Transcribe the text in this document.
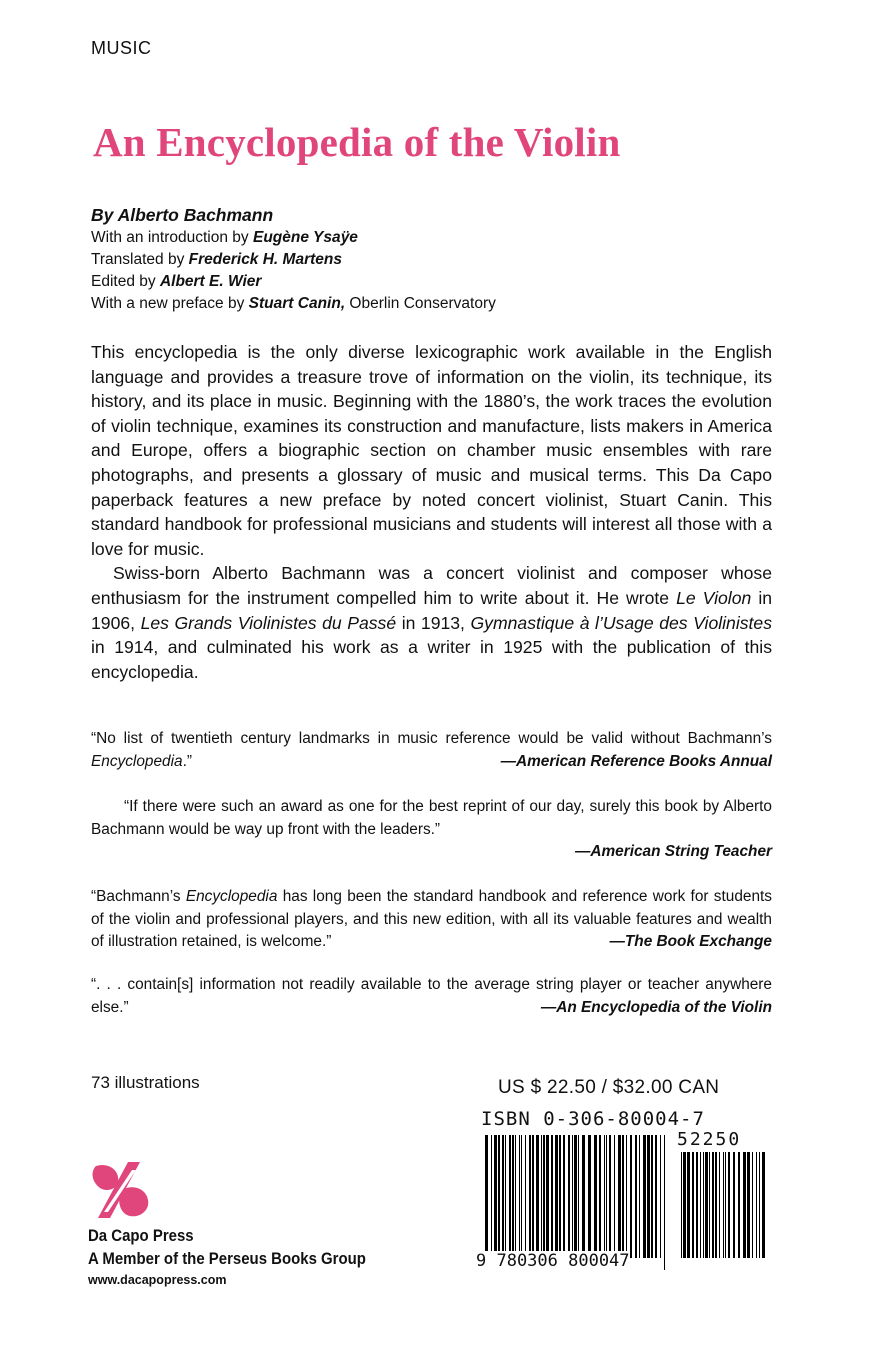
MUSIC
An Encyclopedia of the Violin
By Alberto Bachmann
With an introduction by Eugène Ysaÿe
Translated by Frederick H. Martens
Edited by Albert E. Wier
With a new preface by Stuart Canin, Oberlin Conservatory

This encyclopedia is the only diverse lexicographic work available in the English language and provides a treasure trove of information on the violin, its technique, its history, and its place in music. Beginning with the 1880’s, the work traces the evolution of violin technique, examines its construction and manufacture, lists makers in America and Europe, offers a biographic section on chamber music ensembles with rare photographs, and presents a glossary of music and musical terms. This Da Capo paperback features a new preface by noted concert violinist, Stuart Canin. This standard handbook for professional musicians and students will interest all those with a love for music.

Swiss-born Alberto Bachmann was a concert violinist and composer whose enthusiasm for the instrument compelled him to write about it. He wrote Le Violon in 1906, Les Grands Violinistes du Passé in 1913, Gymnastique à l’Usage des Violinistes in 1914, and culminated his work as a writer in 1925 with the publication of this encyclopedia.

“No list of twentieth century landmarks in music reference would be valid without Bachmann’s Encyclopedia.”	—American Reference Books Annual
“If there were such an award as one for the best reprint of our day, surely this book by Alberto Bachmann would be way up front with the leaders.”
—American String Teacher
“Bachmann’s Encyclopedia has long been the standard handbook and reference work for students of the violin and professional players, and this new edition, with all its valuable features and wealth of illustration retained, is welcome.”	—The Book Exchange
“. . . contain[s] information not readily available to the average string player or teacher anywhere else.”	—An Encyclopedia of the Violin
73 illustrations	US $ 22.50 / $32.00 CAN
ISBN 0-306-80004-7
52250
9 780306 800047
Da Capo Press
A Member of the Perseus Books Group
www.dacapopress.com
